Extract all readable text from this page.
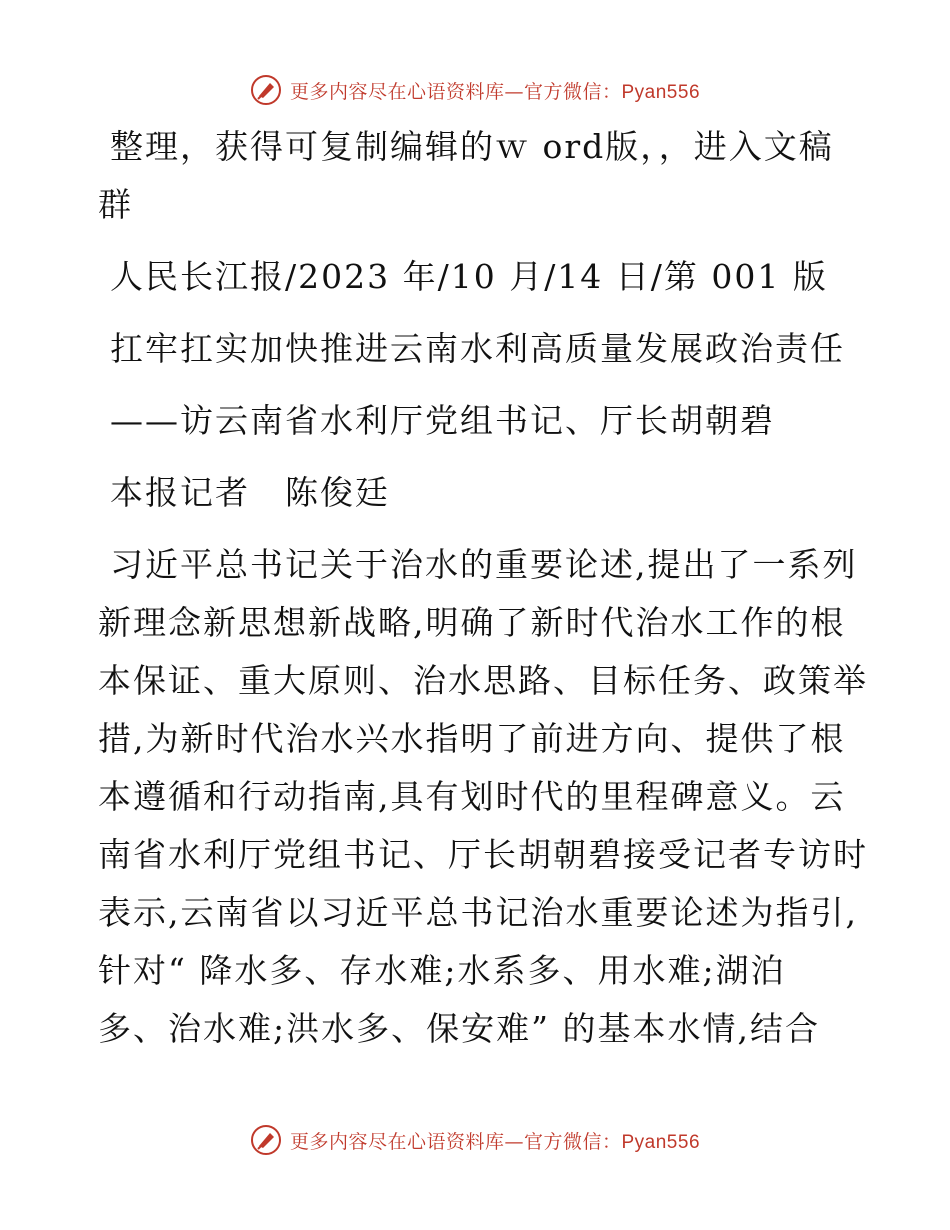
更多内容尽在心语资料库—官方微信：Pyan556
整理，获得可复制编辑的ｗ ord版，，进入文稿
群
人民长江报/2023 年/10 月/14 日/第 001 版
扛牢扛实加快推进云南水利高质量发展政治责任
——访云南省水利厅党组书记、厅长胡朝碧
本报记者　陈俊廷
习近平总书记关于治水的重要论述,提出了一系列
新理念新思想新战略,明确了新时代治水工作的根
本保证、重大原则、治水思路、目标任务、政策举
措,为新时代治水兴水指明了前进方向、提供了根
本遵循和行动指南,具有划时代的里程碑意义。云
南省水利厅党组书记、厅长胡朝碧接受记者专访时
表示,云南省以习近平总书记治水重要论述为指引,
针对“ 降水多、存水难;水系多、用水难;湖泊
多、治水难;洪水多、保安难” 的基本水情,结合
更多内容尽在心语资料库—官方微信：Pyan556
